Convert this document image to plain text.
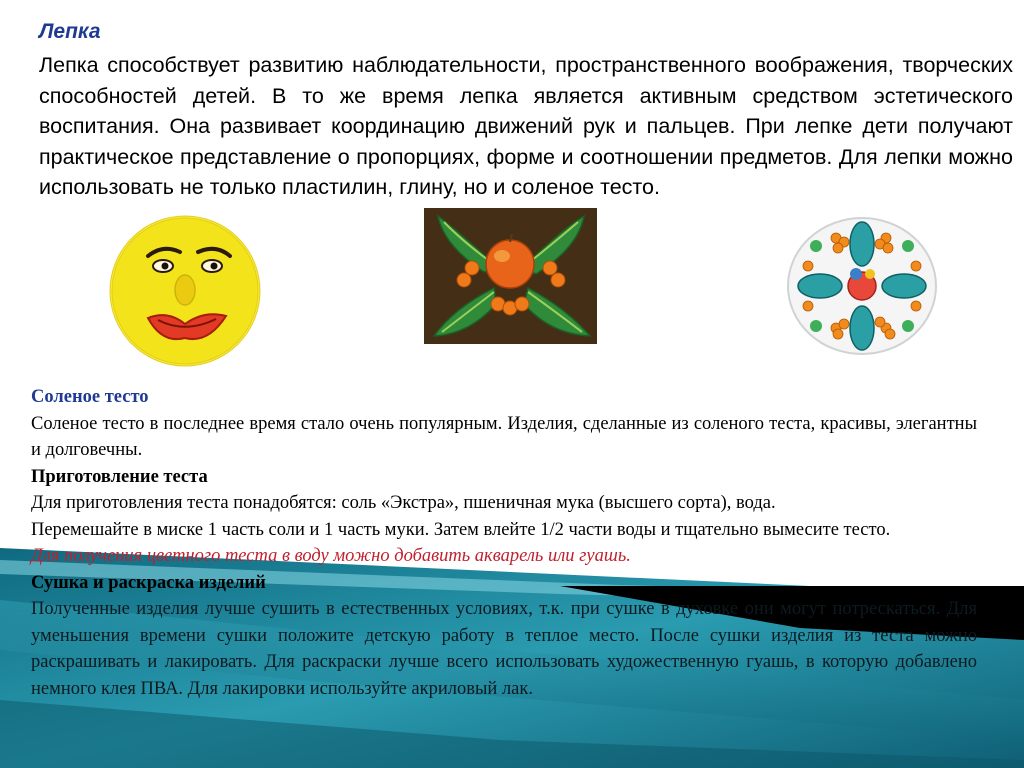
Лепка
Лепка способствует развитию наблюдательности, пространственного воображения, творческих способностей детей. В то же время лепка является активным средством эстетического воспитания. Она развивает координацию движений рук и пальцев. При лепке дети получают практическое представление о пропорциях, форме и соотношении предметов. Для лепки можно использовать не только пластилин, глину, но и соленое тесто.

Соленое тесто

Соленое тесто в последнее время стало очень популярным. Изделия, сделанные из соленого теста, красивы, элегантны и долговечны.

Приготовление теста

Для приготовления теста понадобятся: соль «Экстра», пшеничная мука (высшего сорта), вода.

Перемешайте в миске 1 часть соли и 1 часть муки. Затем влейте 1/2 части воды и тщательно вымесите тесто.

Для получения цветного теста в воду можно добавить акварель или гуашь.

Сушка и раскраска изделий

Полученные изделия лучше сушить в естественных условиях, т.к. при сушке в духовке они могут потрескаться. Для уменьшения времени сушки положите детскую работу в теплое место. После сушки изделия из теста можно раскрашивать и лакировать. Для раскраски лучше всего использовать художественную гуашь, в которую добавлено немного клея ПВА. Для лакировки используйте акриловый лак.
